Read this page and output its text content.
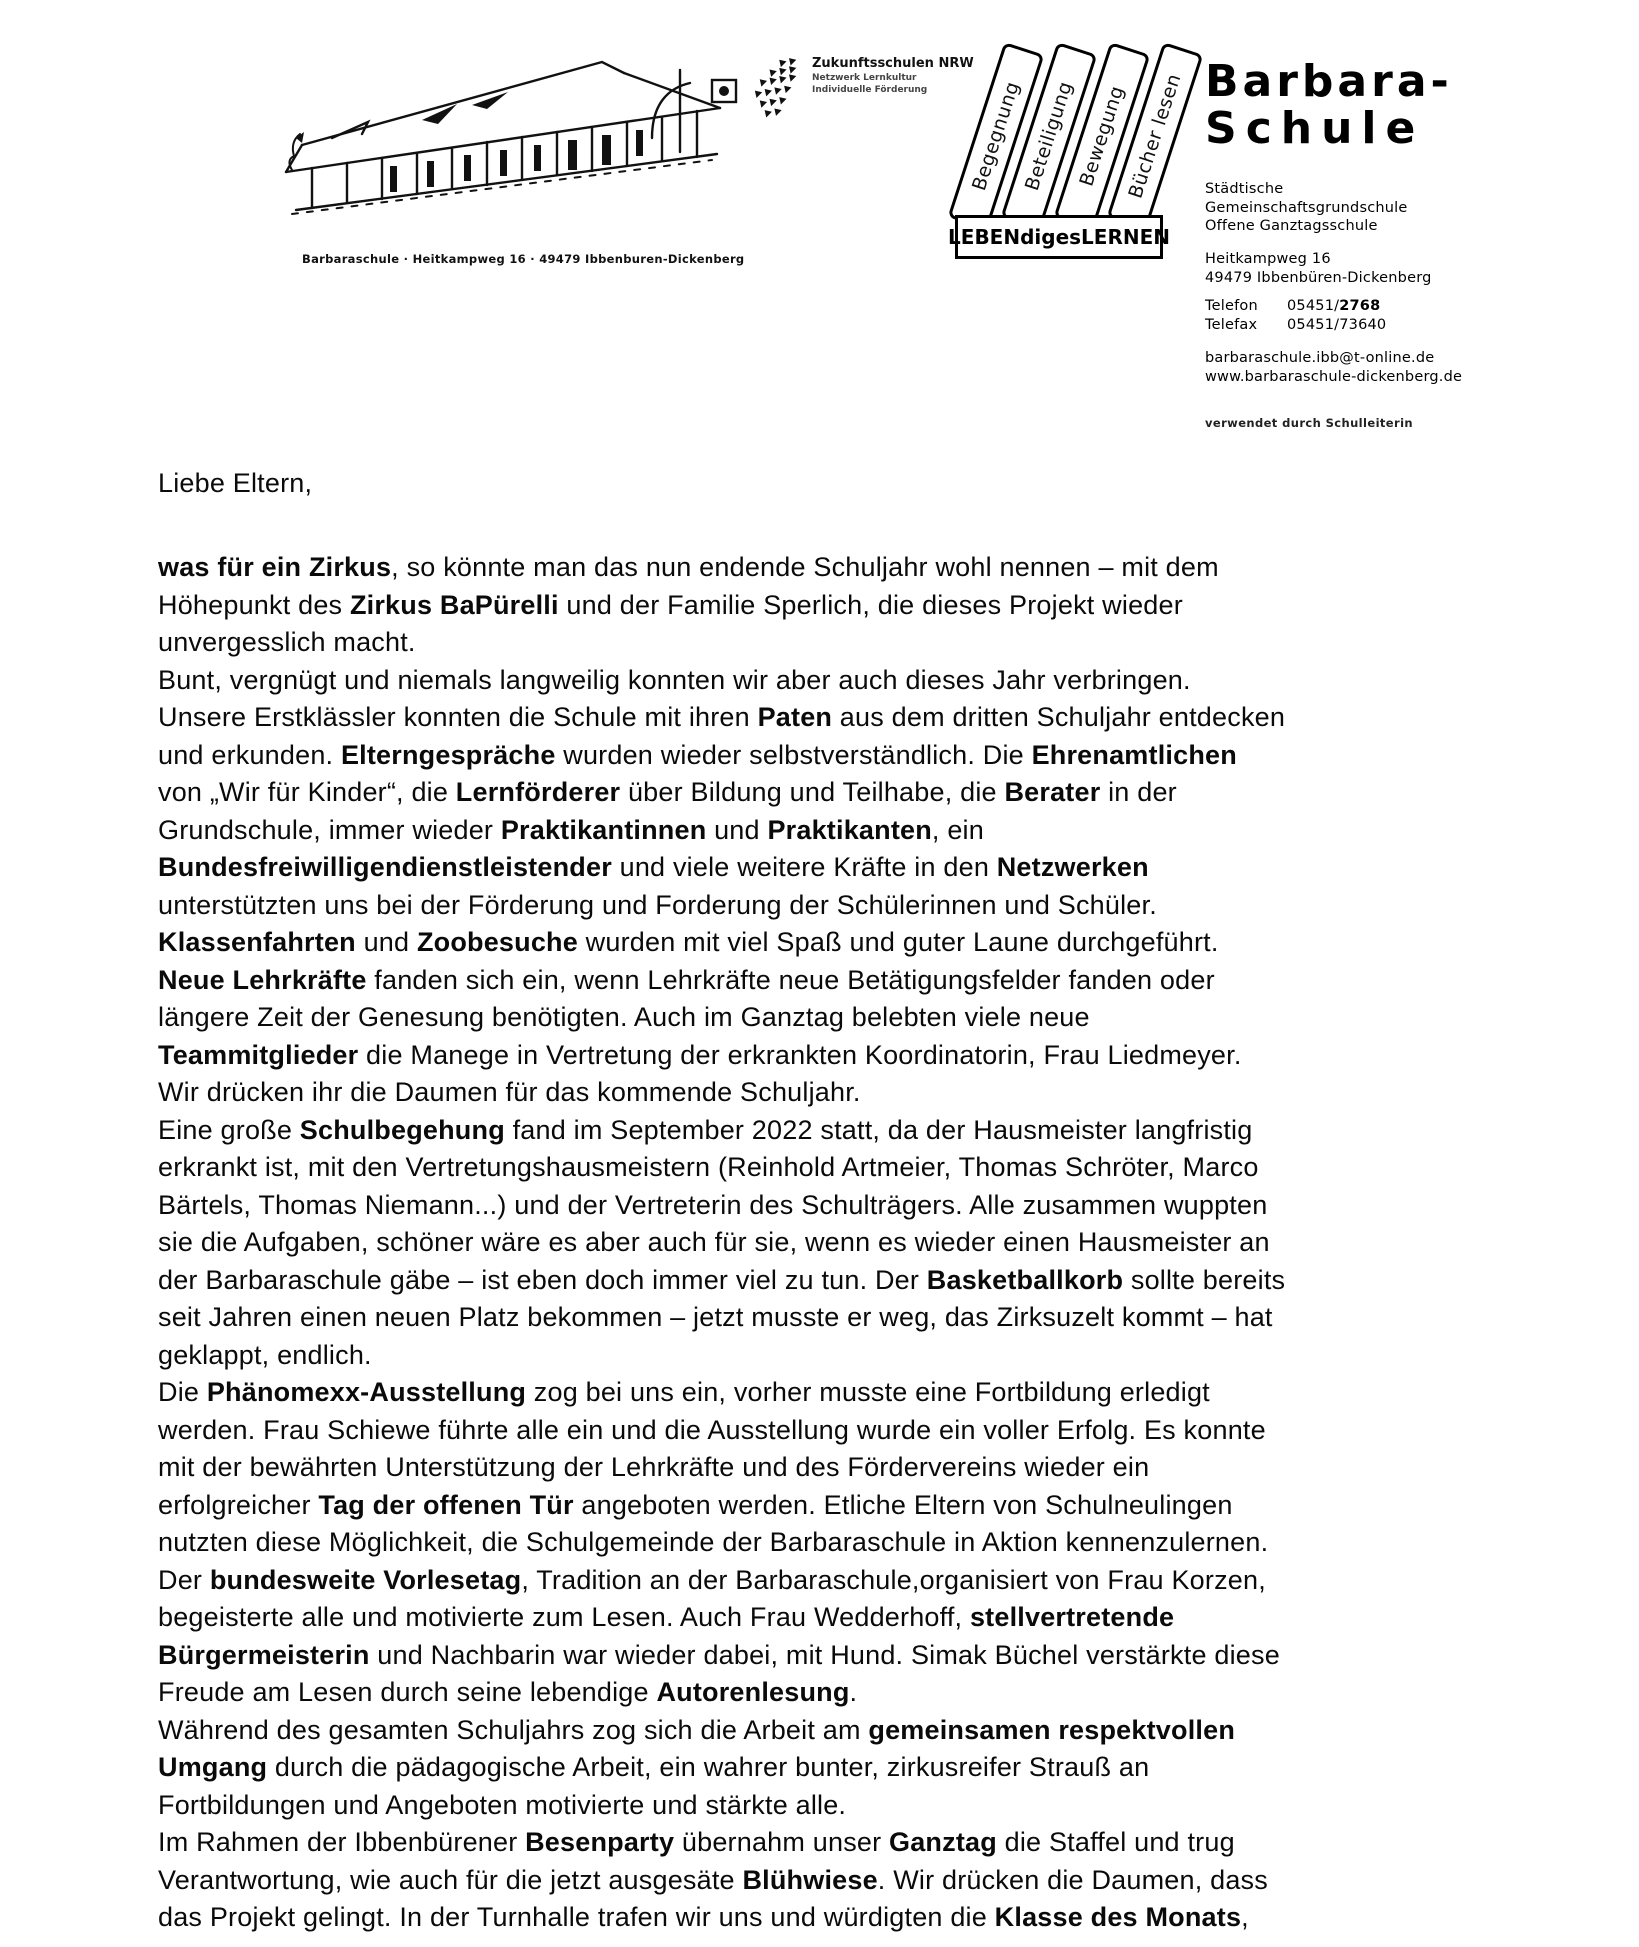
Barbaraschule · Heitkampweg 16 · 49479 Ibbenburen-Dickenberg
Zukunftsschulen NRW
Netzwerk Lernkultur
Individuelle Förderung	Begegnung
Beteiligung
Bewegung
Bücher lesen
LEBENdigesLERNEN
Barbara-
Schule
Städtische
Gemeinschaftsgrundschule
Offene Ganztagsschule
Heitkampweg 16
49479 Ibbenbüren-Dickenberg
Telefon 05451/2768
Telefax 05451/73640
barbaraschule.ibb@t-online.de
www.barbaraschule-dickenberg.de
verwendet durch Schulleiterin
Liebe Eltern,
was für ein Zirkus, so könnte man das nun endende Schuljahr wohl nennen – mit dem
Höhepunkt des Zirkus BaPürelli und der Familie Sperlich, die dieses Projekt wieder
unvergesslich macht.
Bunt, vergnügt und niemals langweilig konnten wir aber auch dieses Jahr verbringen.
Unsere Erstklässler konnten die Schule mit ihren Paten aus dem dritten Schuljahr entdecken
und erkunden. Elterngespräche wurden wieder selbstverständlich. Die Ehrenamtlichen
von „Wir für Kinder“, die Lernförderer über Bildung und Teilhabe, die Berater in der
Grundschule, immer wieder Praktikantinnen und Praktikanten, ein
Bundesfreiwilligendienstleistender und viele weitere Kräfte in den Netzwerken
unterstützten uns bei der Förderung und Forderung der Schülerinnen und Schüler.
Klassenfahrten und Zoobesuche wurden mit viel Spaß und guter Laune durchgeführt.
Neue Lehrkräfte fanden sich ein, wenn Lehrkräfte neue Betätigungsfelder fanden oder
längere Zeit der Genesung benötigten. Auch im Ganztag belebten viele neue
Teammitglieder die Manege in Vertretung der erkrankten Koordinatorin, Frau Liedmeyer.
Wir drücken ihr die Daumen für das kommende Schuljahr.
Eine große Schulbegehung fand im September 2022 statt, da der Hausmeister langfristig
erkrankt ist, mit den Vertretungshausmeistern (Reinhold Artmeier, Thomas Schröter, Marco
Bärtels, Thomas Niemann...) und der Vertreterin des Schulträgers. Alle zusammen wuppten
sie die Aufgaben, schöner wäre es aber auch für sie, wenn es wieder einen Hausmeister an
der Barbaraschule gäbe – ist eben doch immer viel zu tun. Der Basketballkorb sollte bereits
seit Jahren einen neuen Platz bekommen – jetzt musste er weg, das Zirksuzelt kommt – hat
geklappt, endlich.
Die Phänomexx-Ausstellung zog bei uns ein, vorher musste eine Fortbildung erledigt
werden. Frau Schiewe führte alle ein und die Ausstellung wurde ein voller Erfolg. Es konnte
mit der bewährten Unterstützung der Lehrkräfte und des Fördervereins wieder ein
erfolgreicher Tag der offenen Tür angeboten werden. Etliche Eltern von Schulneulingen
nutzten diese Möglichkeit, die Schulgemeinde der Barbaraschule in Aktion kennenzulernen.
Der bundesweite Vorlesetag, Tradition an der Barbaraschule,organisiert von Frau Korzen,
begeisterte alle und motivierte zum Lesen. Auch Frau Wedderhoff, stellvertretende
Bürgermeisterin und Nachbarin war wieder dabei, mit Hund. Simak Büchel verstärkte diese
Freude am Lesen durch seine lebendige Autorenlesung.
Während des gesamten Schuljahrs zog sich die Arbeit am gemeinsamen respektvollen
Umgang durch die pädagogische Arbeit, ein wahrer bunter, zirkusreifer Strauß an
Fortbildungen und Angeboten motivierte und stärkte alle.
Im Rahmen der Ibbenbürener Besenparty übernahm unser Ganztag die Staffel und trug
Verantwortung, wie auch für die jetzt ausgesäte Blühwiese. Wir drücken die Daumen, dass
das Projekt gelingt. In der Turnhalle trafen wir uns und würdigten die Klasse des Monats,
